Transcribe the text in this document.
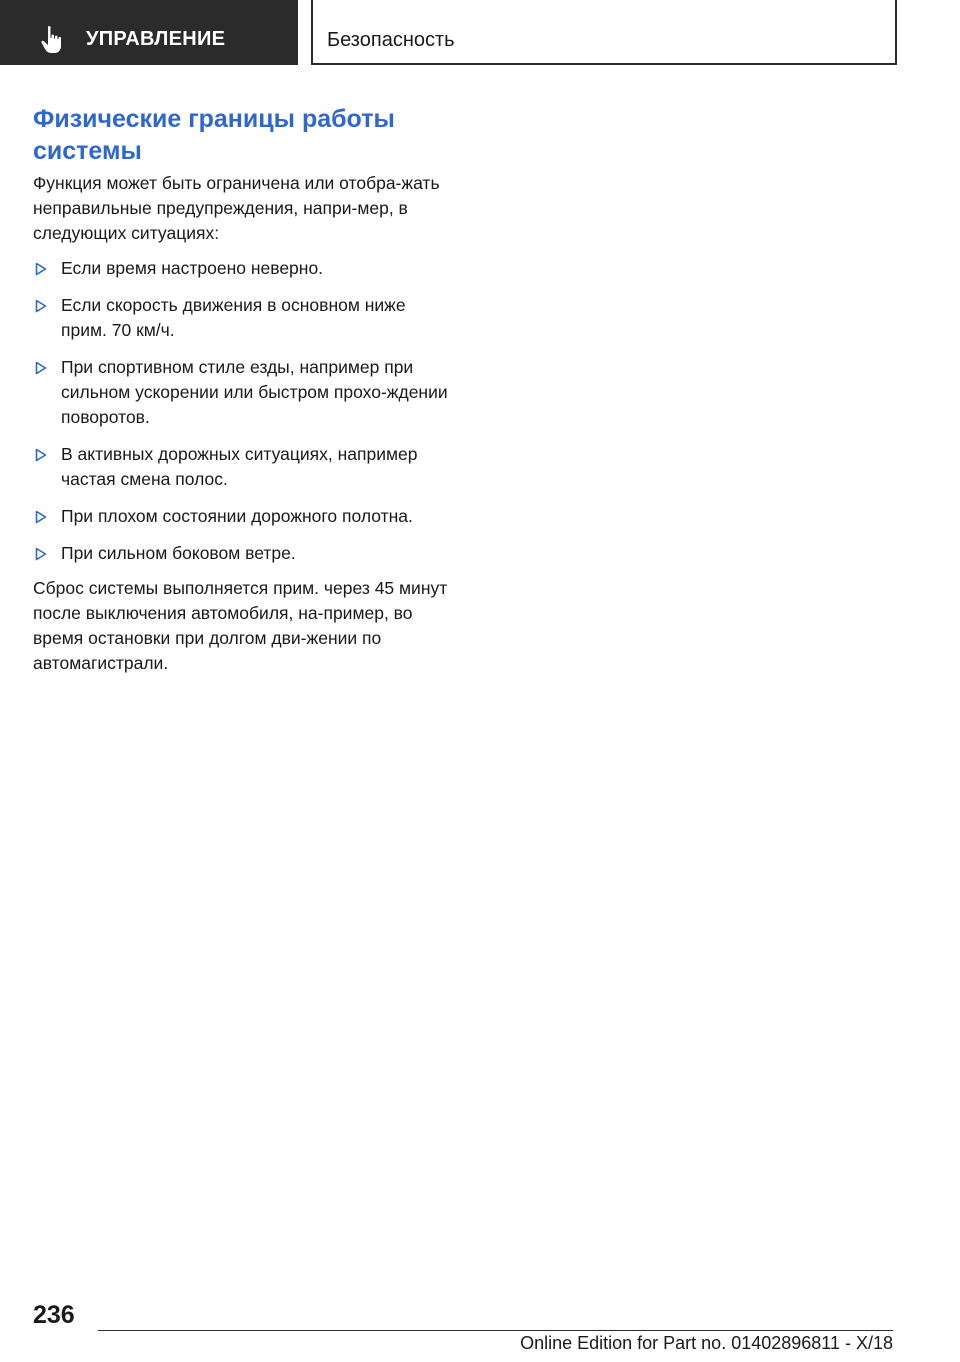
УПРАВЛЕНИЕ	Безопасность
Физические границы работы системы

Функция может быть ограничена или отобра-жать неправильные предупреждения, напри-мер, в следующих ситуациях:

Если время настроено неверно.
Если скорость движения в основном ниже прим. 70 км/ч.
При спортивном стиле езды, например при сильном ускорении или быстром прохо-ждении поворотов.
В активных дорожных ситуациях, например частая смена полос.
При плохом состоянии дорожного полотна.
При сильном боковом ветре.

Сброс системы выполняется прим. через 45 минут после выключения автомобиля, на-пример, во время остановки при долгом дви-жении по автомагистрали.

236
Online Edition for Part no. 01402896811 - X/18
